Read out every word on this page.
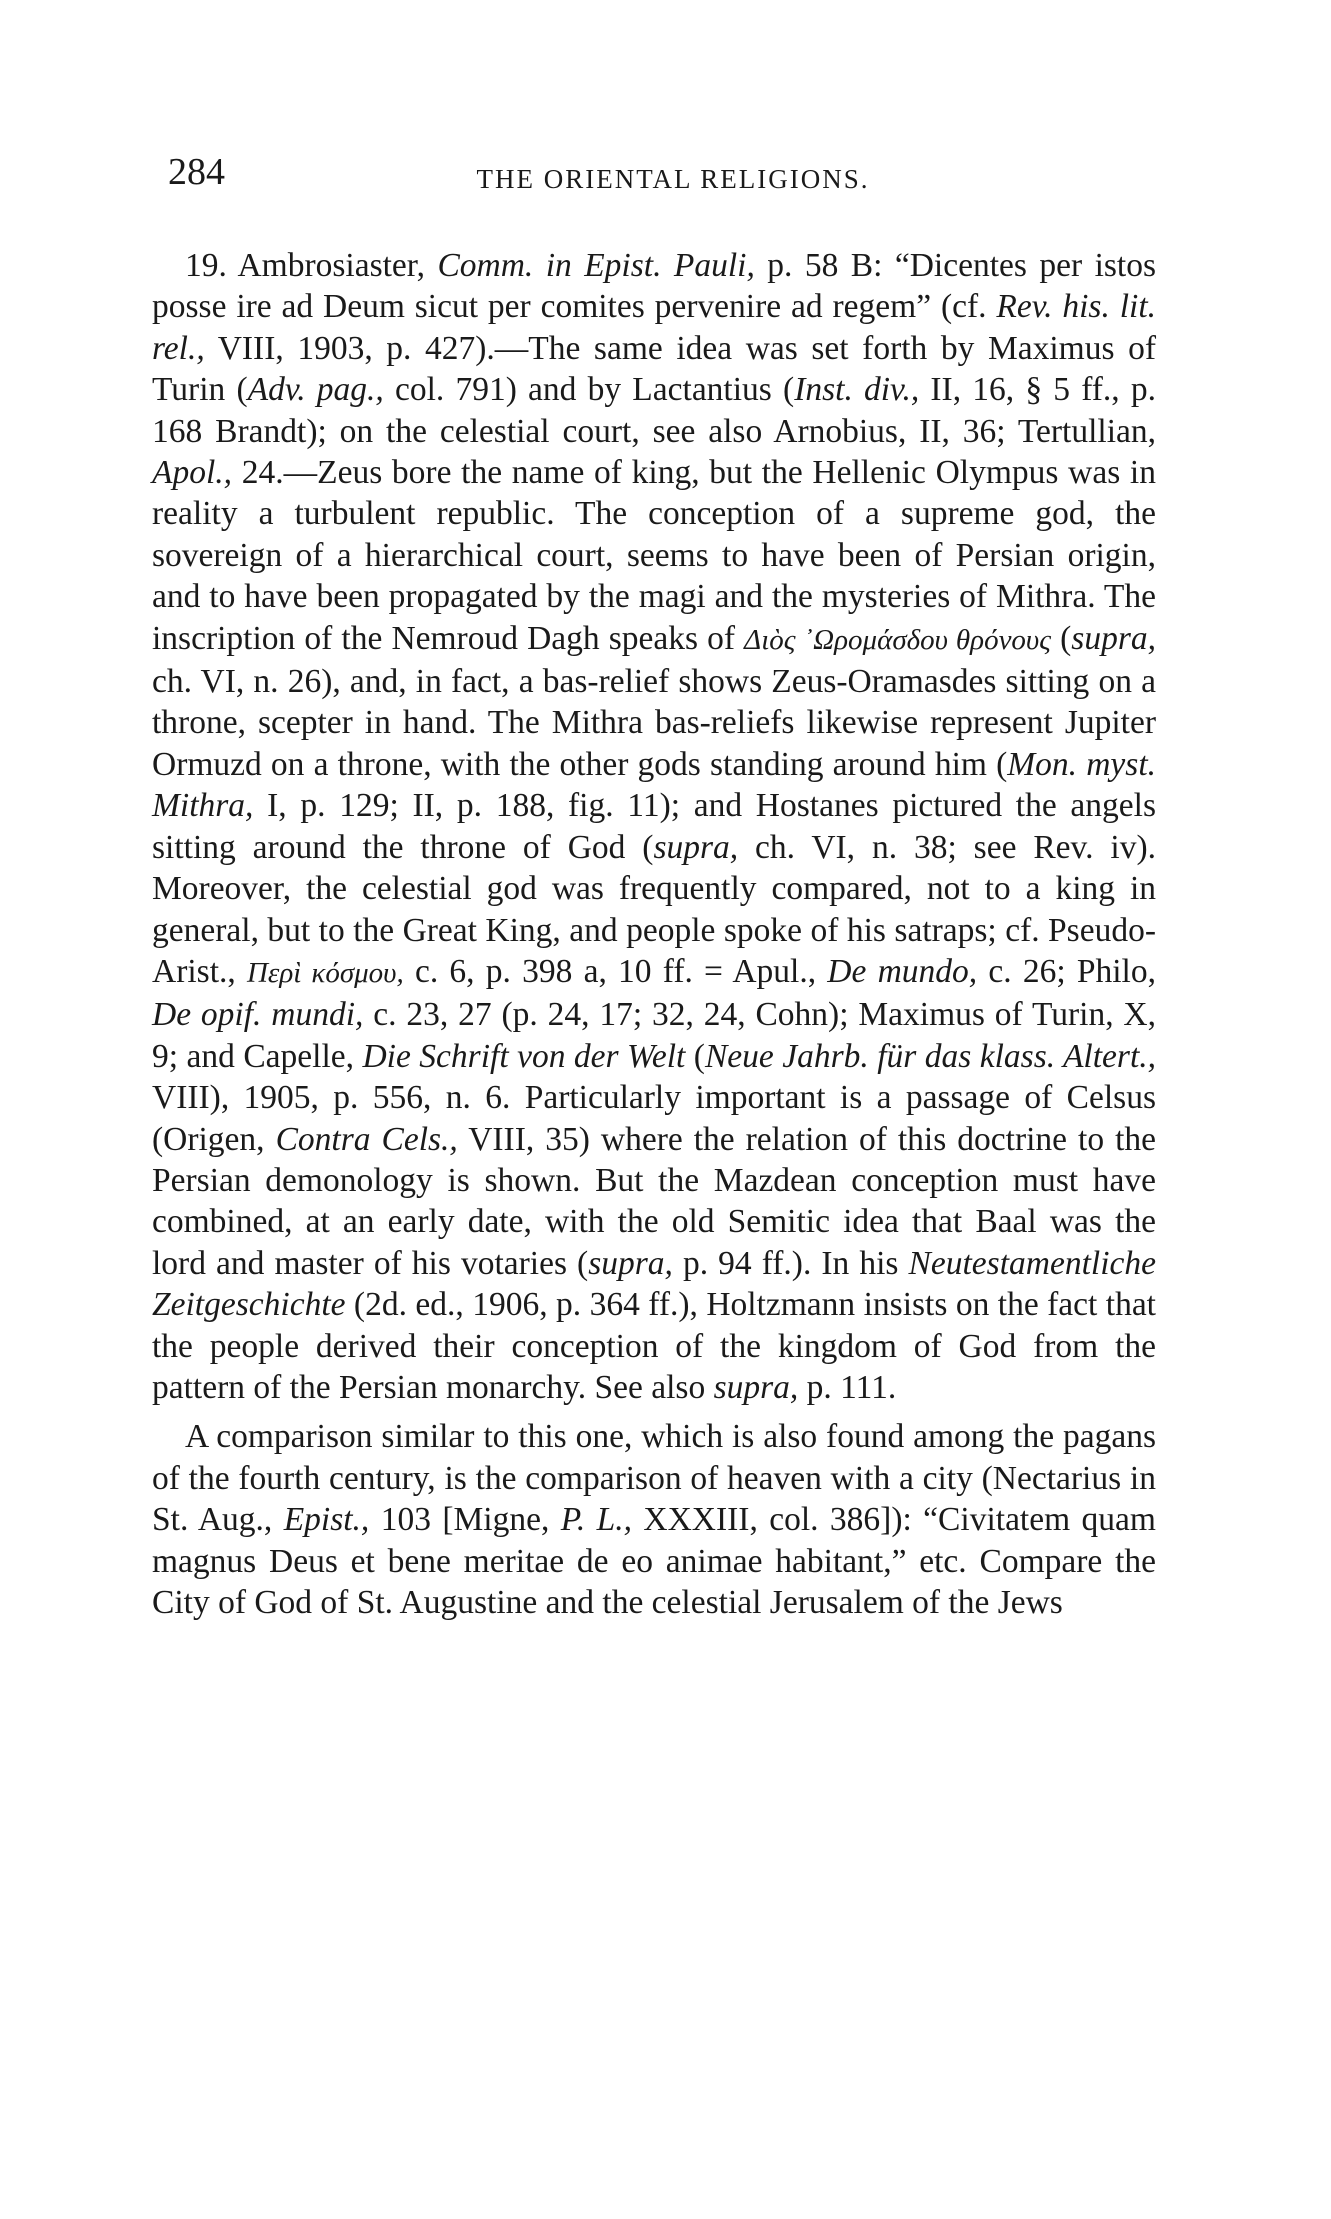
284	THE ORIENTAL RELIGIONS.

19. Ambrosiaster, Comm. in Epist. Pauli, p. 58 B: “Dicentes per istos posse ire ad Deum sicut per comites pervenire ad regem” (cf. Rev. his. lit. rel., VIII, 1903, p. 427).—The same idea was set forth by Maximus of Turin (Adv. pag., col. 791) and by Lactantius (Inst. div., II, 16, § 5 ff., p. 168 Brandt); on the celestial court, see also Arnobius, II, 36; Tertullian, Apol., 24.—Zeus bore the name of king, but the Hellenic Olympus was in reality a turbulent republic. The conception of a supreme god, the sovereign of a hierarchical court, seems to have been of Persian origin, and to have been propagated by the magi and the mysteries of Mithra. The inscription of the Nemroud Dagh speaks of Διὸς ᾿Ωρομάσδου θρόνους (supra, ch. VI, n. 26), and, in fact, a bas-relief shows Zeus-Oramasdes sitting on a throne, scepter in hand. The Mithra bas-reliefs likewise represent Jupiter Ormuzd on a throne, with the other gods standing around him (Mon. myst. Mithra, I, p. 129; II, p. 188, fig. 11); and Hostanes pictured the angels sitting around the throne of God (supra, ch. VI, n. 38; see Rev. iv). Moreover, the celestial god was frequently compared, not to a king in general, but to the Great King, and people spoke of his satraps; cf. Pseudo-Arist., Περὶ κόσμου, c. 6, p. 398 a, 10 ff. = Apul., De mundo, c. 26; Philo, De opif. mundi, c. 23, 27 (p. 24, 17; 32, 24, Cohn); Maximus of Turin, X, 9; and Capelle, Die Schrift von der Welt (Neue Jahrb. für das klass. Altert., VIII), 1905, p. 556, n. 6. Particularly important is a passage of Celsus (Origen, Contra Cels., VIII, 35) where the relation of this doctrine to the Persian demonology is shown. But the Mazdean conception must have combined, at an early date, with the old Semitic idea that Baal was the lord and master of his votaries (supra, p. 94 ff.). In his Neutestamentliche Zeitgeschichte (2d. ed., 1906, p. 364 ff.), Holtzmann insists on the fact that the people derived their conception of the kingdom of God from the pattern of the Persian monarchy. See also supra, p. 111.

A comparison similar to this one, which is also found among the pagans of the fourth century, is the comparison of heaven with a city (Nectarius in St. Aug., Epist., 103 [Migne, P. L., XXXIII, col. 386]): “Civitatem quam magnus Deus et bene meritae de eo animae habitant,” etc. Compare the City of God of St. Augustine and the celestial Jerusalem of the Jews
